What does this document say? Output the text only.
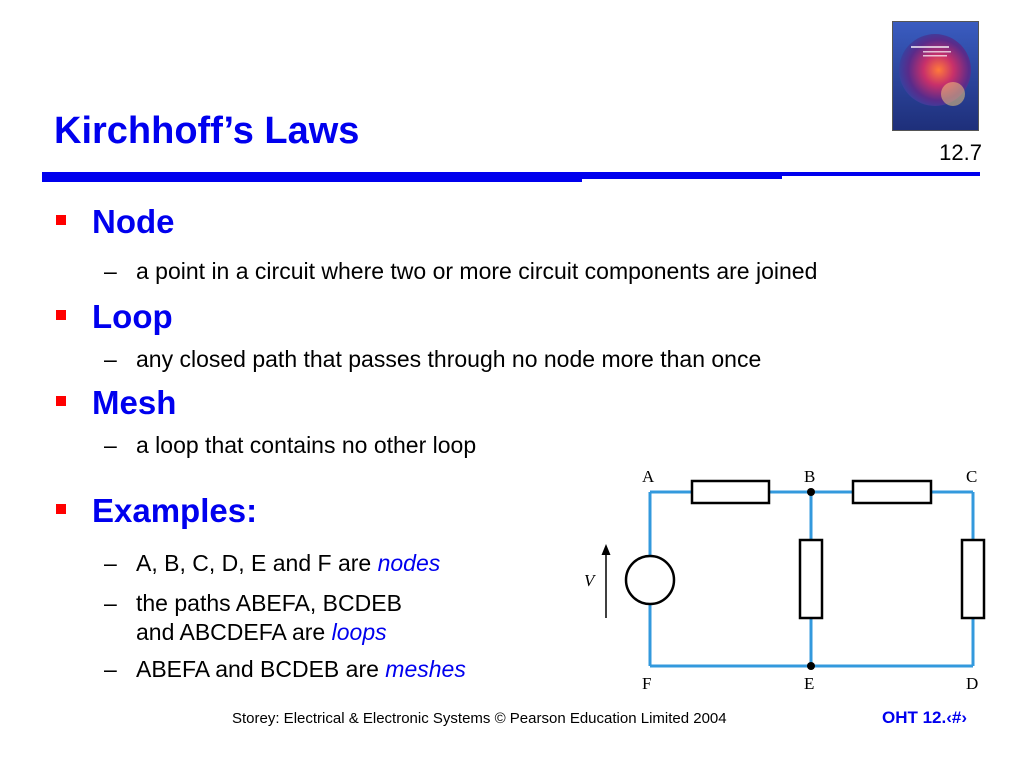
Kirchhoff’s Laws
12.7
Node
– a point in a circuit where two or more circuit components are joined
Loop
– any closed path that passes through no node more than once
Mesh
– a loop that contains no other loop
Examples:
– A, B, C, D, E and F are nodes
– the paths ABEFA, BCDEB
and ABCDEFA are loops
– ABEFA and BCDEB are meshes
A	B	C
D
E
F
V
Storey: Electrical & Electronic Systems © Pearson Education Limited 2004	OHT 12.‹#›
